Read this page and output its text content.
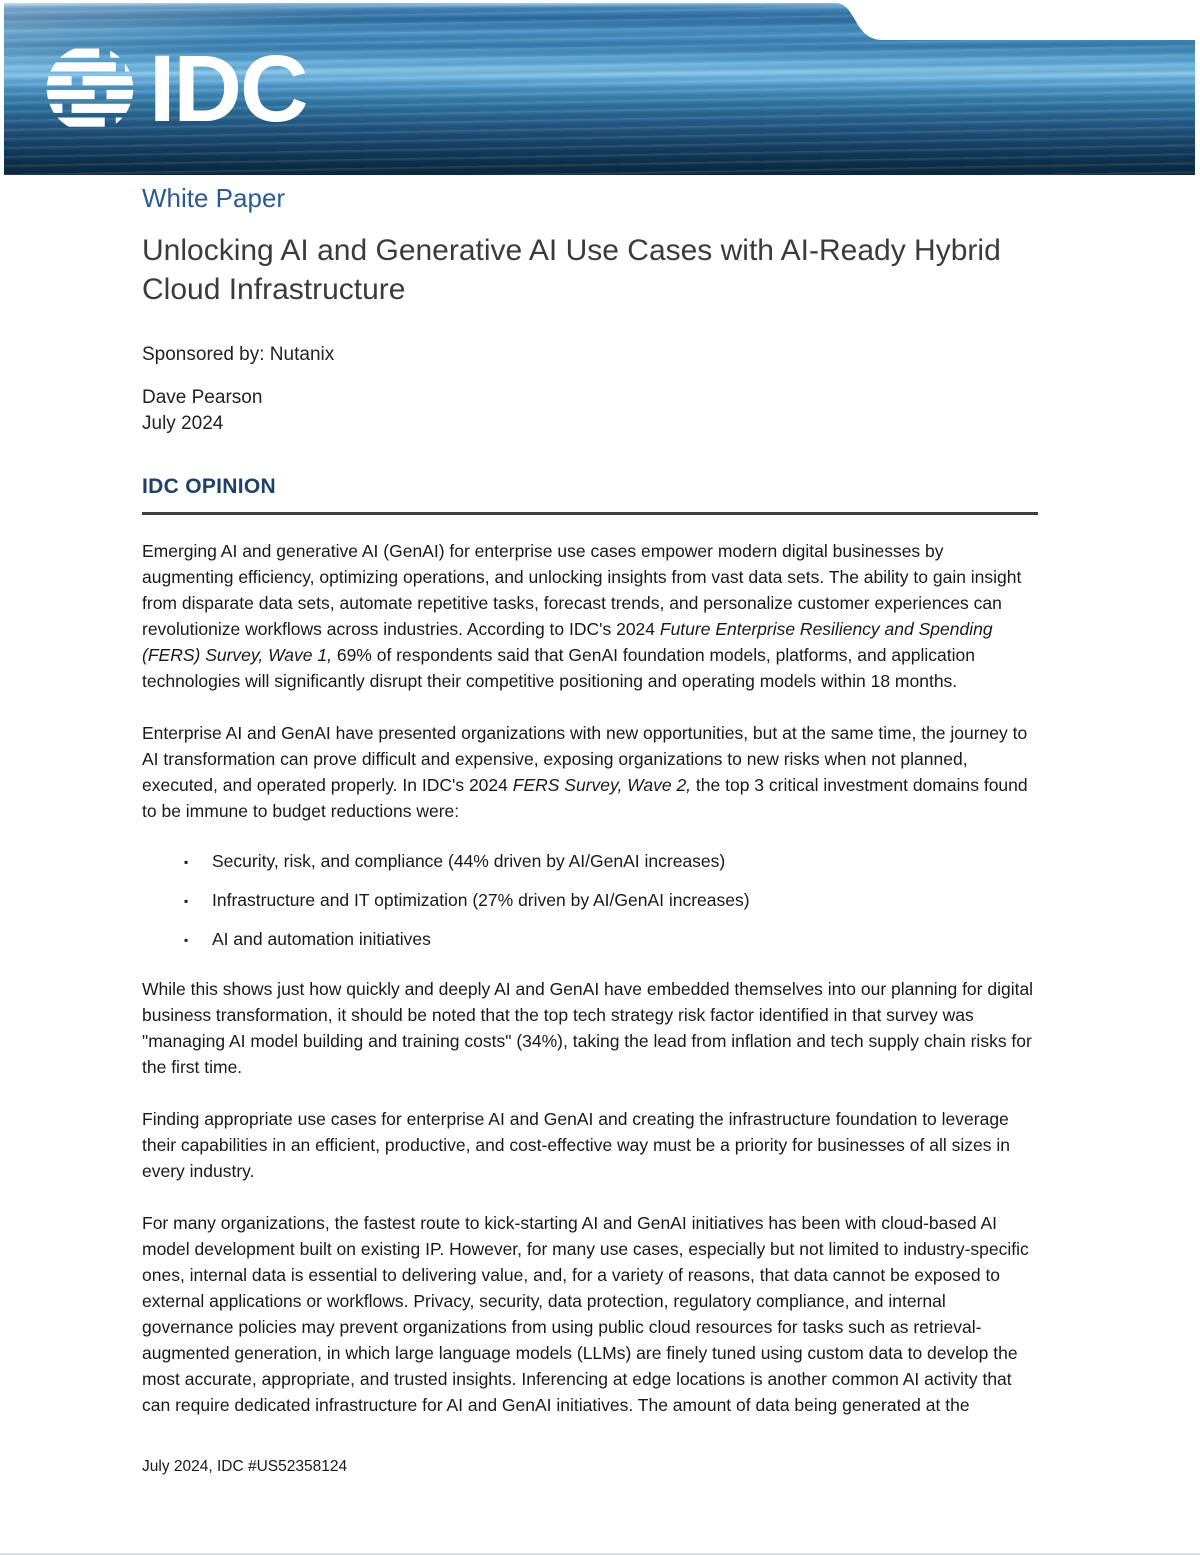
IDC
White Paper
Unlocking AI and Generative AI Use Cases with AI-Ready Hybrid Cloud Infrastructure
Sponsored by: Nutanix
Dave Pearson
July 2024
IDC OPINION

Emerging AI and generative AI (GenAI) for enterprise use cases empower modern digital businesses by augmenting efficiency, optimizing operations, and unlocking insights from vast data sets. The ability to gain insight from disparate data sets, automate repetitive tasks, forecast trends, and personalize customer experiences can revolutionize workflows across industries. According to IDC's 2024 Future Enterprise Resiliency and Spending (FERS) Survey, Wave 1, 69% of respondents said that GenAI foundation models, platforms, and application technologies will significantly disrupt their competitive positioning and operating models within 18 months.

Enterprise AI and GenAI have presented organizations with new opportunities, but at the same time, the journey to AI transformation can prove difficult and expensive, exposing organizations to new risks when not planned, executed, and operated properly. In IDC's 2024 FERS Survey, Wave 2, the top 3 critical investment domains found to be immune to budget reductions were:

▪ Security, risk, and compliance (44% driven by AI/GenAI increases)
▪ Infrastructure and IT optimization (27% driven by AI/GenAI increases)
▪ AI and automation initiatives

While this shows just how quickly and deeply AI and GenAI have embedded themselves into our planning for digital business transformation, it should be noted that the top tech strategy risk factor identified in that survey was "managing AI model building and training costs" (34%), taking the lead from inflation and tech supply chain risks for the first time.

Finding appropriate use cases for enterprise AI and GenAI and creating the infrastructure foundation to leverage their capabilities in an efficient, productive, and cost-effective way must be a priority for businesses of all sizes in every industry.

For many organizations, the fastest route to kick-starting AI and GenAI initiatives has been with cloud-based AI model development built on existing IP. However, for many use cases, especially but not limited to industry-specific ones, internal data is essential to delivering value, and, for a variety of reasons, that data cannot be exposed to external applications or workflows. Privacy, security, data protection, regulatory compliance, and internal governance policies may prevent organizations from using public cloud resources for tasks such as retrieval-augmented generation, in which large language models (LLMs) are finely tuned using custom data to develop the most accurate, appropriate, and trusted insights. Inferencing at edge locations is another common AI activity that can require dedicated infrastructure for AI and GenAI initiatives. The amount of data being generated at the

July 2024, IDC #US52358124
